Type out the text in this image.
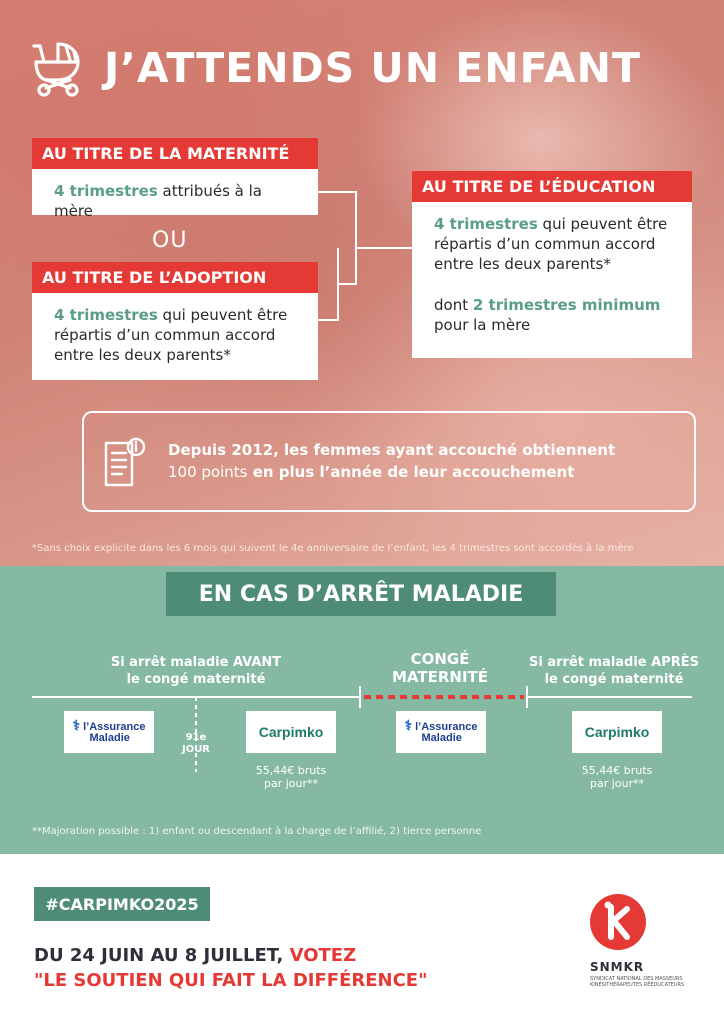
J’ATTENDS UN ENFANT
AU TITRE DE LA MATERNITÉ
4 trimestres attribués à la mère
OU
AU TITRE DE L’ADOPTION
4 trimestres qui peuvent être
répartis d’un commun accord
entre les deux parents*
AU TITRE DE L’ÉDUCATION
4 trimestres qui peuvent être
répartis d’un commun accord
entre les deux parents*
dont 2 trimestres minimum
pour la mère
Depuis 2012, les femmes ayant accouché obtiennent
100 points en plus l’année de leur accouchement
*Sans choix explicite dans les 6 mois qui suivent le 4e anniversaire de l’enfant, les 4 trimestres sont accordés à la mère
EN CAS D’ARRÊT MALADIE
Si arrêt maladie AVANT
le congé maternité
CONGÉ
MATERNITÉ
Si arrêt maladie APRÈS
le congé maternité
⚕ l’Assurance
Maladie	91e
JOUR
Carpimko
55,44€ bruts
par jour**
⚕ l’Assurance
Maladie	Carpimko
55,44€ bruts
par jour**
**Majoration possible : 1) enfant ou descendant à la charge de l’affilié, 2) tierce personne
#CARPIMKO2025
DU 24 JUIN AU 8 JUILLET, VOTEZ
"LE SOUTIEN QUI FAIT LA DIFFÉRENCE"
SNMKR
SYNDICAT NATIONAL DES MASSEURS KINÉSITHÉRAPEUTES RÉÉDUCATEURS
